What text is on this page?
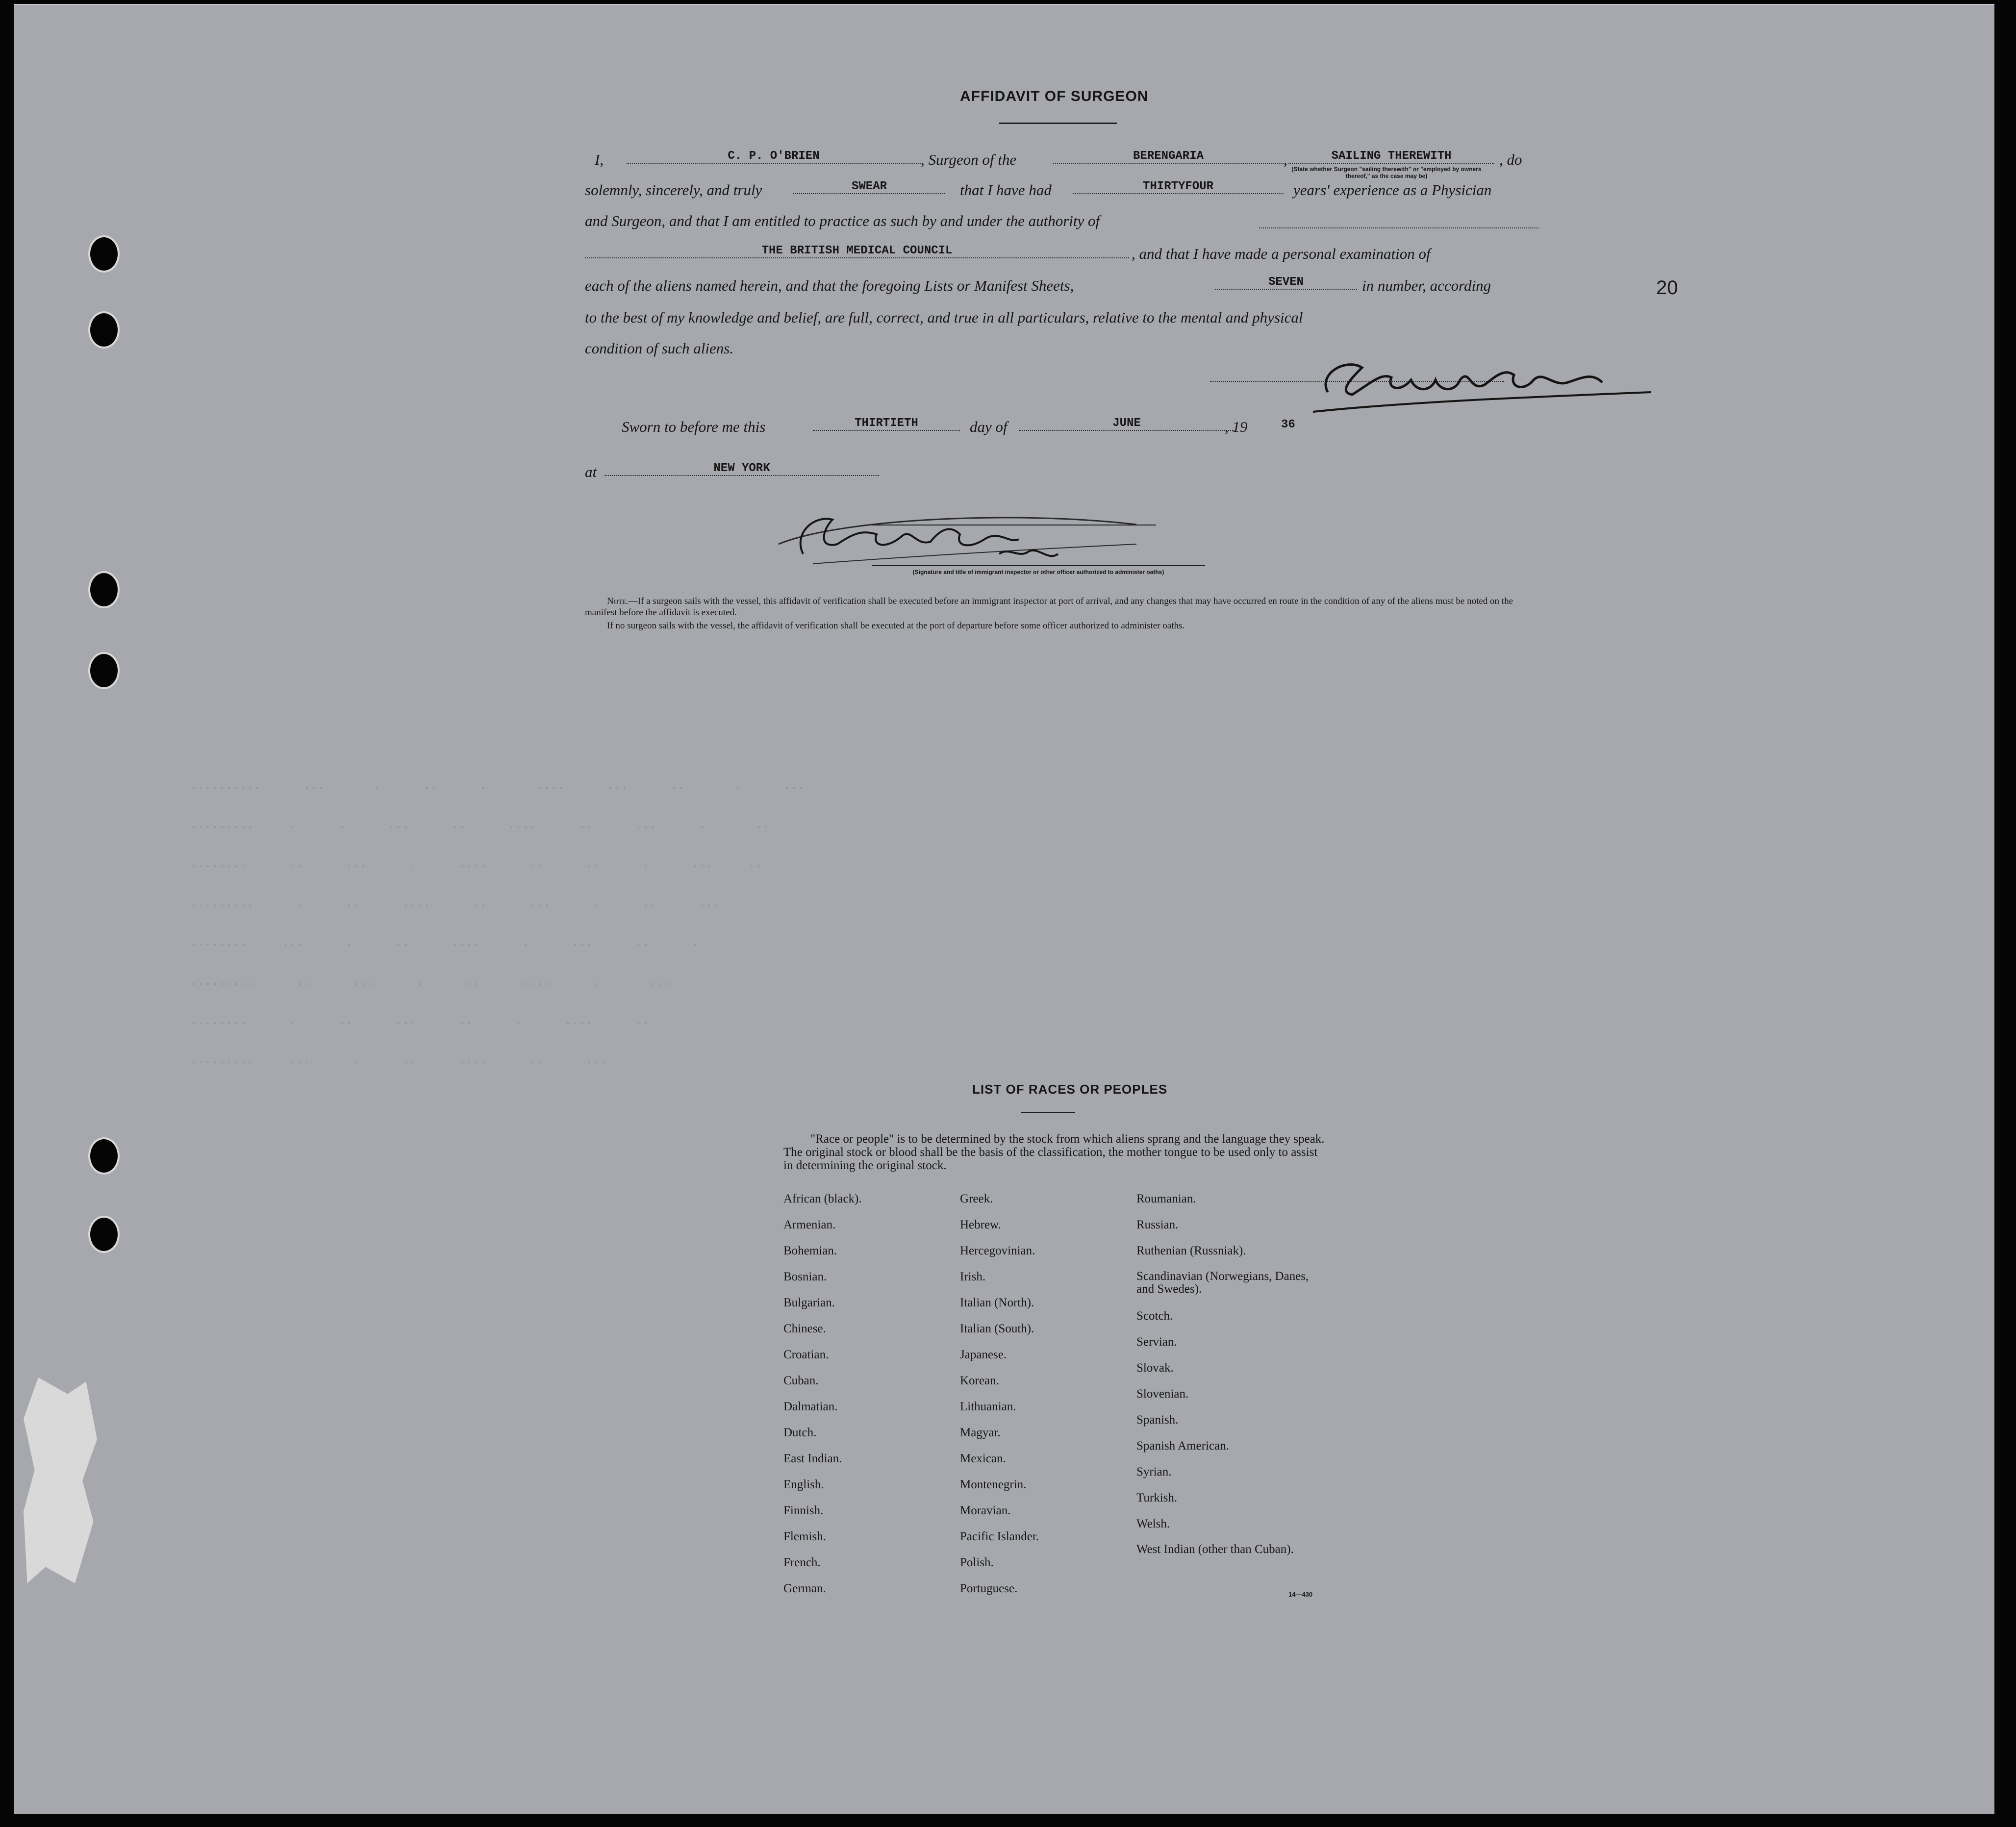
..........      ...       .      ..      .       ....      ...      ..       .      ...
.........     .      .      ...      ..      ....      ..      ...      .       ..
........      ..      ...      .      ....      ..      ..      .      ...     ..
.........      .      ..      ....      ..      ...      .      ..      ...
........     ...      .      ..      ....      .      ...      ..      .
.........      ..      ...      .      ..      ....      .       ...
........      .      ..      ...      ..      .      ....      ..
.........     ...      .      ..      ....      ..      ...
20
AFFIDAVIT OF SURGEON
I,	C. P. O'BRIEN	, Surgeon of the	BERENGARIA	,	SAILING THEREWITH
(State whether Surgeon "sailing therewith" or "employed by owners thereof," as the case may be)
, do
solemnly, sincerely, and truly	SWEAR	that I have had	THIRTYFOUR	years' experience as a Physician
and Surgeon, and that I am entitled to practice as such by and under the authority of
THE BRITISH MEDICAL COUNCIL	, and that I have made a personal examination of
each of the aliens named herein, and that the foregoing Lists or Manifest Sheets,	SEVEN	in number, according
to the best of my knowledge and belief, are full, correct, and true in all particulars, relative to the mental and physical
condition of such aliens.
Sworn to before me this	THIRTIETH	day of	JUNE	, 19	36
at	NEW YORK
(Signature and title of immigrant inspector or other officer authorized to administer oaths)
Note.—If a surgeon sails with the vessel, this affidavit of verification shall be executed before an immigrant inspector at port of arrival, and any changes that may have occurred en route in the condition of any of the aliens must be noted on the manifest before the affidavit is executed.
If no surgeon sails with the vessel, the affidavit of verification shall be executed at the port of departure before some officer authorized to administer oaths.
LIST OF RACES OR PEOPLES
"Race or people" is to be determined by the stock from which aliens sprang and the language they speak. The original stock or blood shall be the basis of the classification, the mother tongue to be used only to assist in determining the original stock.
African (black).
Armenian.
Bohemian.
Bosnian.
Bulgarian.
Chinese.
Croatian.
Cuban.
Dalmatian.
Dutch.
East Indian.
English.
Finnish.
Flemish.
French.
German.
Greek.
Hebrew.
Hercegovinian.
Irish.
Italian (North).
Italian (South).
Japanese.
Korean.
Lithuanian.
Magyar.
Mexican.
Montenegrin.
Moravian.
Pacific Islander.
Polish.
Portuguese.
Roumanian.
Russian.
Ruthenian (Russniak).
Scandinavian (Norwegians, Danes, and Swedes).
Scotch.
Servian.
Slovak.
Slovenian.
Spanish.
Spanish American.
Syrian.
Turkish.
Welsh.
West Indian (other than Cuban).
14—430
